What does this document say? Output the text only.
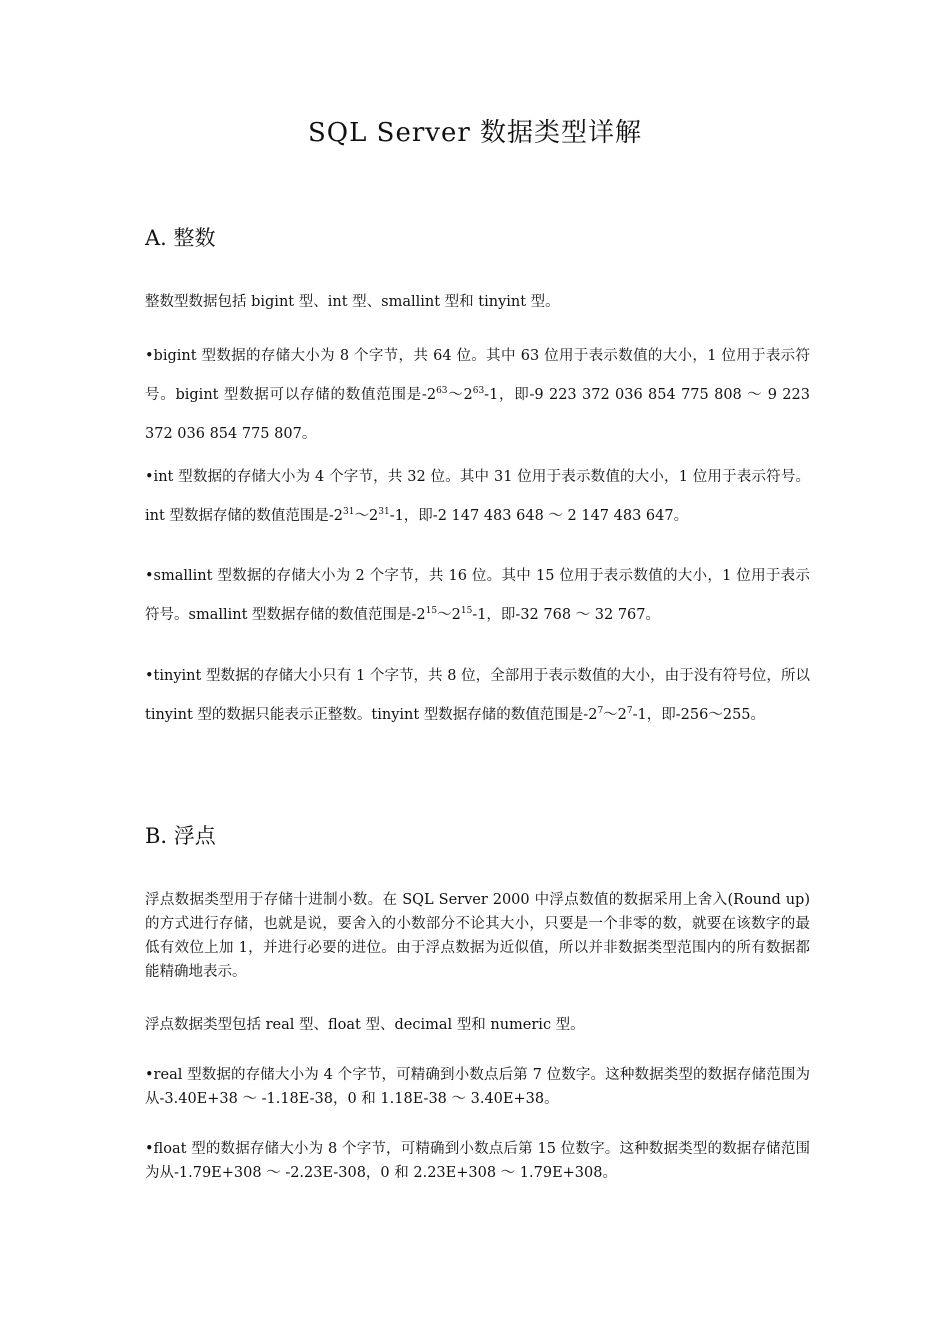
SQL Server 数据类型详解
A. 整数

整数型数据包括 bigint 型、int 型、smallint 型和 tinyint 型。

•bigint 型数据的存储大小为 8 个字节，共 64 位。其中 63 位用于表示数值的大小，1 位用于表示符号。bigint 型数据可以存储的数值范围是$-2^{63}\sim 2^{63}-1$，即-9 223 372 036 854 775 808 ～ 9 223 372 036 854 775 807。

•int 型数据的存储大小为 4 个字节，共 32 位。其中 31 位用于表示数值的大小，1 位用于表示符号。int 型数据存储的数值范围是$-2^{31}\sim 2^{31}-1$，即-2 147 483 648 ～ 2 147 483 647。

•smallint 型数据的存储大小为 2 个字节，共 16 位。其中 15 位用于表示数值的大小，1 位用于表示符号。smallint 型数据存储的数值范围是$-2^{15}\sim 2^{15}-1$，即-32 768 ～ 32 767。

•tinyint 型数据的存储大小只有 1 个字节，共 8 位，全部用于表示数值的大小，由于没有符号位，所以 tinyint 型的数据只能表示正整数。tinyint 型数据存储的数值范围是$-2^7\sim 2^7-1$，即-256～255。

B. 浮点

浮点数据类型用于存储十进制小数。在 SQL Server 2000 中浮点数值的数据采用上舍入(Round up)的方式进行存储，也就是说，要舍入的小数部分不论其大小，只要是一个非零的数，就要在该数字的最低有效位上加 1，并进行必要的进位。由于浮点数据为近似值，所以并非数据类型范围内的所有数据都能精确地表示。

浮点数据类型包括 real 型、float 型、decimal 型和 numeric 型。

•real 型数据的存储大小为 4 个字节，可精确到小数点后第 7 位数字。这种数据类型的数据存储范围为从-3.40E+38 ～ -1.18E-38，0 和 1.18E-38 ～ 3.40E+38。

•float 型的数据存储大小为 8 个字节，可精确到小数点后第 15 位数字。这种数据类型的数据存储范围为从-1.79E+308 ～ -2.23E-308，0 和 2.23E+308 ～ 1.79E+308。
